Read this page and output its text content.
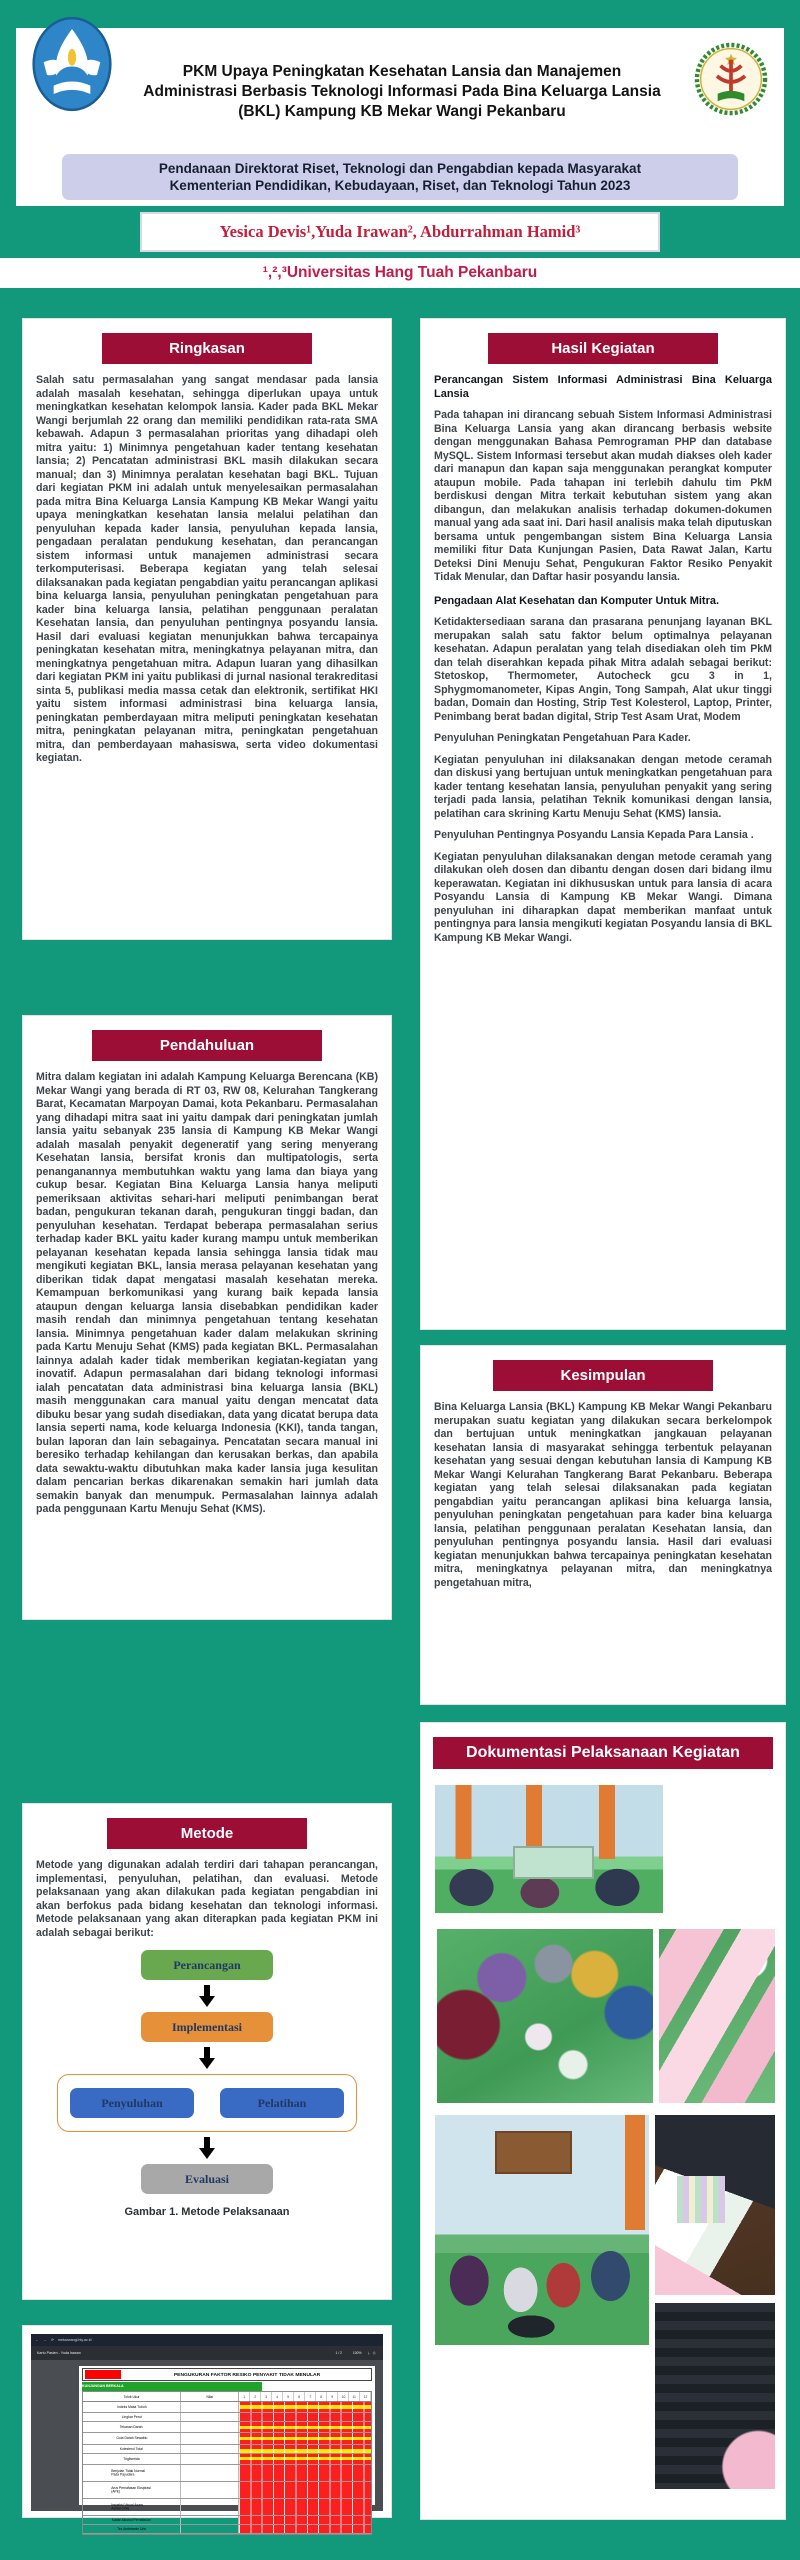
PKM Upaya Peningkatan Kesehatan Lansia dan Manajemen
Administrasi Berbasis Teknologi Informasi Pada Bina Keluarga Lansia
(BKL) Kampung KB Mekar Wangi Pekanbaru
Pendanaan Direktorat Riset, Teknologi dan Pengabdian kepada Masyarakat
Kementerian Pendidikan, Kebudayaan, Riset, dan Teknologi Tahun 2023
Yesica Devis¹,Yuda Irawan², Abdurrahman Hamid³
¹,²,³Universitas Hang Tuah Pekanbaru
Ringkasan

Salah satu permasalahan yang sangat mendasar pada lansia adalah masalah kesehatan, sehingga diperlukan upaya untuk meningkatkan kesehatan kelompok lansia. Kader pada BKL Mekar Wangi berjumlah 22 orang dan memiliki pendidikan rata-rata SMA kebawah. Adapun 3 permasalahan prioritas yang dihadapi oleh mitra yaitu: 1) Minimnya pengetahuan kader tentang kesehatan lansia; 2) Pencatatan administrasi BKL masih dilakukan secara manual; dan 3) Minimnya peralatan kesehatan bagi BKL. Tujuan dari kegiatan PKM ini adalah untuk menyelesaikan permasalahan pada mitra Bina Keluarga Lansia Kampung KB Mekar Wangi yaitu upaya meningkatkan kesehatan lansia melalui pelatihan dan penyuluhan kepada kader lansia, penyuluhan kepada lansia, pengadaan peralatan pendukung kesehatan, dan perancangan sistem informasi untuk manajemen administrasi secara terkomputerisasi. Beberapa kegiatan yang telah selesai dilaksanakan pada kegiatan pengabdian yaitu perancangan aplikasi bina keluarga lansia, penyuluhan peningkatan pengetahuan para kader bina keluarga lansia, pelatihan penggunaan peralatan Kesehatan lansia, dan penyuluhan pentingnya posyandu lansia. Hasil dari evaluasi kegiatan menunjukkan bahwa tercapainya peningkatan kesehatan mitra, meningkatnya pelayanan mitra, dan meningkatnya pengetahuan mitra. Adapun luaran yang dihasilkan dari kegiatan PKM ini yaitu publikasi di jurnal nasional terakreditasi sinta 5, publikasi media massa cetak dan elektronik, sertifikat HKI yaitu sistem informasi administrasi bina keluarga lansia, peningkatan pemberdayaan mitra meliputi peningkatan kesehatan mitra, peningkatan pelayanan mitra, peningkatan pengetahuan mitra, dan pemberdayaan mahasiswa, serta video dokumentasi kegiatan.

Pendahuluan

Mitra dalam kegiatan ini adalah Kampung Keluarga Berencana (KB) Mekar Wangi yang berada di RT 03, RW 08, Kelurahan Tangkerang Barat, Kecamatan Marpoyan Damai, kota Pekanbaru. Permasalahan yang dihadapi mitra saat ini yaitu dampak dari peningkatan jumlah lansia yaitu sebanyak 235 lansia di Kampung KB Mekar Wangi adalah masalah penyakit degeneratif yang sering menyerang Kesehatan lansia, bersifat kronis dan multipatologis, serta penanganannya membutuhkan waktu yang lama dan biaya yang cukup besar. Kegiatan Bina Keluarga Lansia hanya meliputi pemeriksaan aktivitas sehari-hari meliputi penimbangan berat badan, pengukuran tekanan darah, pengukuran tinggi badan, dan penyuluhan kesehatan. Terdapat beberapa permasalahan serius terhadap kader BKL yaitu kader kurang mampu untuk memberikan pelayanan kesehatan kepada lansia sehingga lansia tidak mau mengikuti kegiatan BKL, lansia merasa pelayanan kesehatan yang diberikan tidak dapat mengatasi masalah kesehatan mereka. Kemampuan berkomunikasi yang kurang baik kepada lansia ataupun dengan keluarga lansia disebabkan pendidikan kader masih rendah dan minimnya pengetahuan tentang kesehatan lansia. Minimnya pengetahuan kader dalam melakukan skrining pada Kartu Menuju Sehat (KMS) pada kegiatan BKL. Permasalahan lainnya adalah kader tidak memberikan kegiatan-kegiatan yang inovatif. Adapun permasalahan dari bidang teknologi informasi ialah pencatatan data administrasi bina keluarga lansia (BKL) masih menggunakan cara manual yaitu dengan mencatat data dibuku besar yang sudah disediakan, data yang dicatat berupa data lansia seperti nama, kode keluarga Indonesia (KKI), tanda tangan, bulan laporan dan lain sebagainya. Pencatatan secara manual ini beresiko terhadap kehilangan dan kerusakan berkas, dan apabila data sewaktu-waktu dibutuhkan maka kader lansia juga kesulitan dalam pencarian berkas dikarenakan semakin hari jumlah data semakin banyak dan menumpuk. Permasalahan lainnya adalah pada penggunaan Kartu Menuju Sehat (KMS).

Metode

Metode yang digunakan adalah terdiri dari tahapan perancangan, implementasi, penyuluhan, pelatihan, dan evaluasi. Metode pelaksanaan yang akan dilakukan pada kegiatan pengabdian ini akan berfokus pada bidang kesehatan dan teknologi informasi. Metode pelaksanaan yang akan diterapkan pada kegiatan PKM ini adalah sebagai berikut:

Perancangan
Implementasi
Penyuluhan	Pelatihan
Evaluasi
Gambar 1. Metode Pelaksanaan
← → ⟳ mekarwangi.hty.ac.id
Kartu Pasien - Yuda Irawan	1 / 2 100% ⤓ ⎙
PENGUKURAN FAKTOR RESIKO PENYAKIT TIDAK MENULAR
KUNJUNGAN BERKALA
Tolok Ukur	Nilai	1 2 3 4 5 6 7 8 9 10 11 12
Indeks Masa Tubuh
Lingkar Perut
Tekanan Darah
Gula Darah Sewaktu
Kolesterol Total
Trigliserida
Benjolan Tidak Normal Pada Payudara
Arus Pernafasan Ekspirasi (APE)
Inspeksi Visual Asam Asetat (IVA)
Kadar Alkohol Pernafasan
Tes Amfetamin Urin
Hasil Kegiatan

Perancangan Sistem Informasi Administrasi Bina Keluarga Lansia

Pada tahapan ini dirancang sebuah Sistem Informasi Administrasi Bina Keluarga Lansia yang akan dirancang berbasis website dengan menggunakan Bahasa Pemrograman PHP dan database MySQL. Sistem Informasi tersebut akan mudah diakses oleh kader dari manapun dan kapan saja menggunakan perangkat komputer ataupun mobile. Pada tahapan ini terlebih dahulu tim PkM berdiskusi dengan Mitra terkait kebutuhan sistem yang akan dibangun, dan melakukan analisis terhadap dokumen-dokumen manual yang ada saat ini. Dari hasil analisis maka telah diputuskan bersama untuk pengembangan sistem Bina Keluarga Lansia memiliki fitur Data Kunjungan Pasien, Data Rawat Jalan, Kartu Deteksi Dini Menuju Sehat, Pengukuran Faktor Resiko Penyakit Tidak Menular, dan Daftar hasir posyandu lansia.

Pengadaan Alat Kesehatan dan Komputer Untuk Mitra.

Ketidaktersediaan sarana dan prasarana penunjang layanan BKL merupakan salah satu faktor belum optimalnya pelayanan kesehatan. Adapun peralatan yang telah disediakan oleh tim PkM dan telah diserahkan kepada pihak Mitra adalah sebagai berikut: Stetoskop, Thermometer, Autocheck gcu 3 in 1, Sphygmomanometer, Kipas Angin, Tong Sampah, Alat ukur tinggi badan, Domain dan Hosting, Strip Test Kolesterol, Laptop, Printer, Penimbang berat badan digital, Strip Test Asam Urat, Modem

Penyuluhan Peningkatan Pengetahuan Para Kader.

Kegiatan penyuluhan ini dilaksanakan dengan metode ceramah dan diskusi yang bertujuan untuk meningkatkan pengetahuan para kader tentang kesehatan lansia, penyuluhan penyakit yang sering terjadi pada lansia, pelatihan Teknik komunikasi dengan lansia, pelatihan cara skrining Kartu Menuju Sehat (KMS) lansia.

Penyuluhan Pentingnya Posyandu Lansia Kepada Para Lansia .

Kegiatan penyuluhan dilaksanakan dengan metode ceramah yang dilakukan oleh dosen dan dibantu dengan dosen dari bidang ilmu keperawatan. Kegiatan ini dikhususkan untuk para lansia di acara Posyandu Lansia di Kampung KB Mekar Wangi. Dimana penyuluhan ini diharapkan dapat memberikan manfaat untuk pentingnya para lansia mengikuti kegiatan Posyandu lansia di BKL Kampung KB Mekar Wangi.

Kesimpulan

Bina Keluarga Lansia (BKL) Kampung KB Mekar Wangi Pekanbaru merupakan suatu kegiatan yang dilakukan secara berkelompok dan bertujuan untuk meningkatkan jangkauan pelayanan kesehatan lansia di masyarakat sehingga terbentuk pelayanan kesehatan yang sesuai dengan kebutuhan lansia di Kampung KB Mekar Wangi Kelurahan Tangkerang Barat Pekanbaru. Beberapa kegiatan yang telah selesai dilaksanakan pada kegiatan pengabdian yaitu perancangan aplikasi bina keluarga lansia, penyuluhan peningkatan pengetahuan para kader bina keluarga lansia, pelatihan penggunaan peralatan Kesehatan lansia, dan penyuluhan pentingnya posyandu lansia. Hasil dari evaluasi kegiatan menunjukkan bahwa tercapainya peningkatan kesehatan mitra, meningkatnya pelayanan mitra, dan meningkatnya pengetahuan mitra,

Dokumentasi Pelaksanaan Kegiatan
